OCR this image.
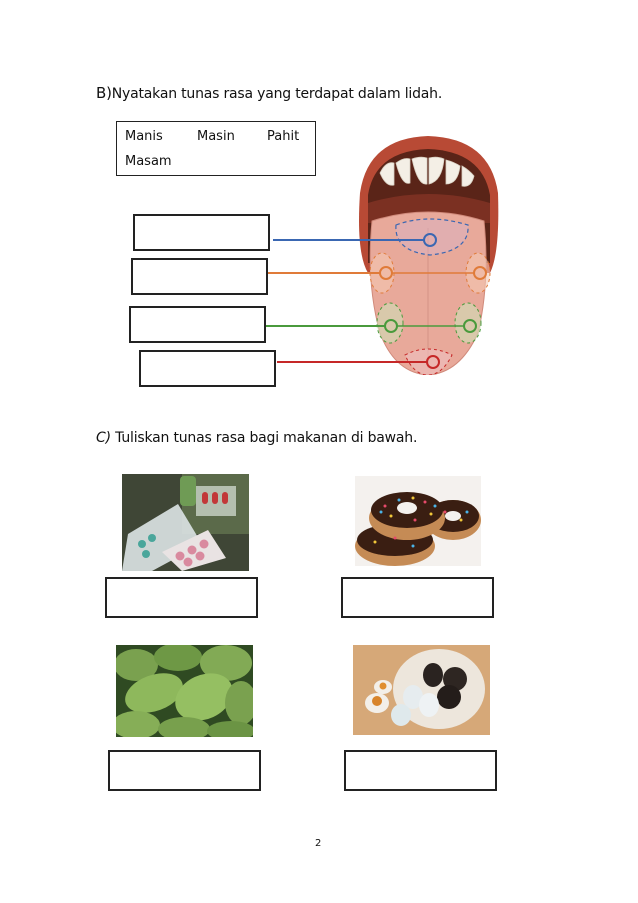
B)Nyatakan tunas rasa yang terdapat dalam lidah.
Manis	Masin Pahit
Masam
C) Tuliskan tunas rasa bagi makanan di bawah.
2
